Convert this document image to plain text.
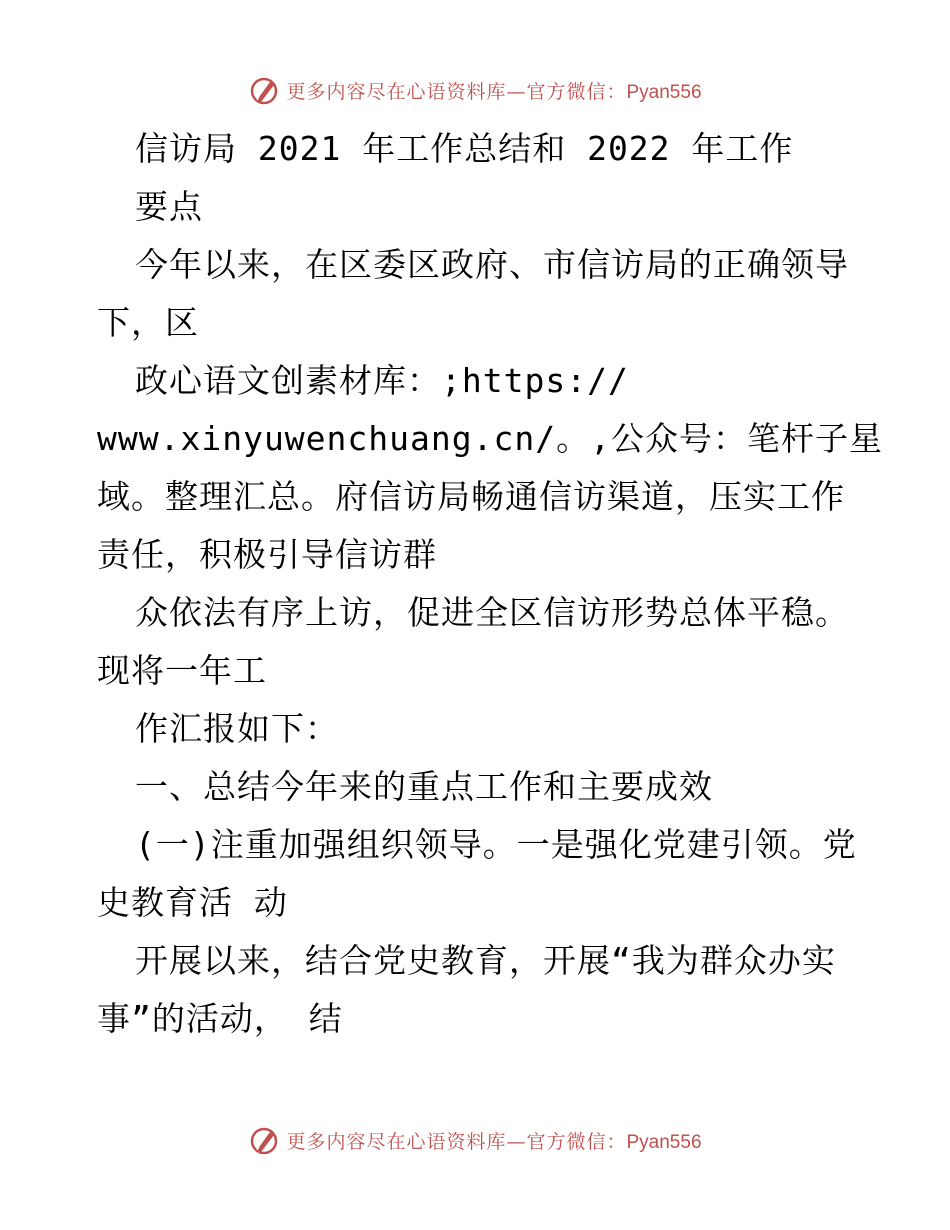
更多内容尽在心语资料库—官方微信：Pyan556
信访局 2021 年工作总结和 2022 年工作
要点
今年以来，在区委区政府、市信访局的正确领导
下，区
政心语文创素材库：;https://
www.xinyuwenchuang.cn/。,公众号：笔杆子星
域。整理汇总。府信访局畅通信访渠道，压实工作
责任，积极引导信访群
众依法有序上访，促进全区信访形势总体平稳。
现将一年工
作汇报如下：
一、总结今年来的重点工作和主要成效
(一)注重加强组织领导。一是强化党建引领。党
史教育活 动
开展以来，结合党史教育，开展“我为群众办实
事”的活动， 结
更多内容尽在心语资料库—官方微信：Pyan556
